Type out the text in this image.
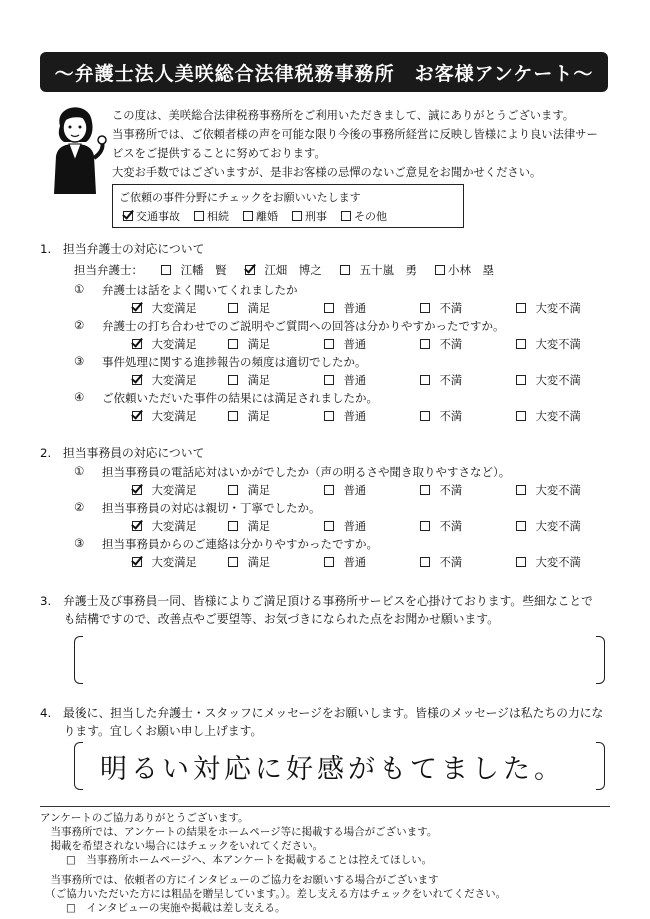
～弁護士法人美咲総合法律税務事務所　お客様アンケート～
この度は、美咲総合法律税務事務所をご利用いただきまして、誠にありがとうございます。
当事務所では、ご依頼者様の声を可能な限り今後の事務所経営に反映し皆様により良い法律サー
ビスをご提供することに努めております。
大変お手数ではございますが、是非お客様の忌憚のないご意見をお聞かせください。
ご依頼の事件分野にチェックをお願いいたします
交通事故 相続 離婚 刑事 その他
1.　担当弁護士の対応について
担当弁護士：
	江幡　賢
	江畑　博之
	五十嵐　勇	小林　塁
①	弁護士は話をよく聞いてくれましたか

大変満足
	満足
	普通
	不満
	大変不満
②	弁護士の打ち合わせでのご説明やご質問への回答は分かりやすかったですか。

大変満足
	満足
	普通
	不満
	大変不満
③	事件処理に関する進捗報告の頻度は適切でしたか。

大変満足
	満足
	普通
	不満
	大変不満
④	ご依頼いただいた事件の結果には満足されましたか。

大変満足
	満足
	普通
	不満
	大変不満
2.　担当事務員の対応について
①	担当事務員の電話応対はいかがでしたか（声の明るさや聞き取りやすさなど）。

大変満足
	満足
	普通
	不満
	大変不満
②	担当事務員の対応は親切・丁寧でしたか。

大変満足
	満足
	普通
	不満
	大変不満
③	担当事務員からのご連絡は分かりやすかったですか。

大変満足
	満足
	普通
	不満
	大変不満
3.　弁護士及び事務員一同、皆様によりご満足頂ける事務所サービスを心掛けております。些細なことで
　　も結構ですので、改善点やご要望等、お気づきになられた点をお聞かせ願います。
4.　最後に、担当した弁護士・スタッフにメッセージをお願いします。皆様のメッセージは私たちの力にな
　　ります。宜しくお願い申し上げます。
明るい対応に好感がもてました。
アンケートのご協力ありがとうございます。
　当事務所では、アンケートの結果をホームページ等に掲載する場合がございます。
　掲載を希望されない場合にはチェックをいれてください。
□　当事務所ホームページへ、本アンケートを掲載することは控えてほしい。
　当事務所では、依頼者の方にインタビューのご協力をお願いする場合がございます
　（ご協力いただいた方には粗品を贈呈しています。）。差し支える方はチェックをいれてください。
□　インタビューの実施や掲載は差し支える。
